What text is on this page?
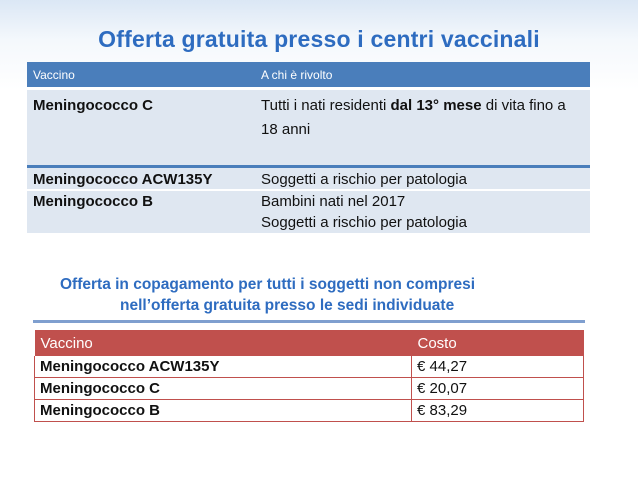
Offerta gratuita presso i centri vaccinali
Vaccino	A chi è rivolto
Meningococco C	Tutti i nati residenti dal 13° mese di vita fino a 18 anni
Meningococco ACW135Y	Soggetti a rischio per patologia
Meningococco B	Bambini nati nel 2017
Soggetti a rischio per patologia
Offerta in copagamento per tutti i soggetti non compresi
nell’offerta gratuita presso le sedi individuate
Vaccino	Costo
Meningococco ACW135Y	€ 44,27
Meningococco C	€ 20,07
Meningococco B	€ 83,29
